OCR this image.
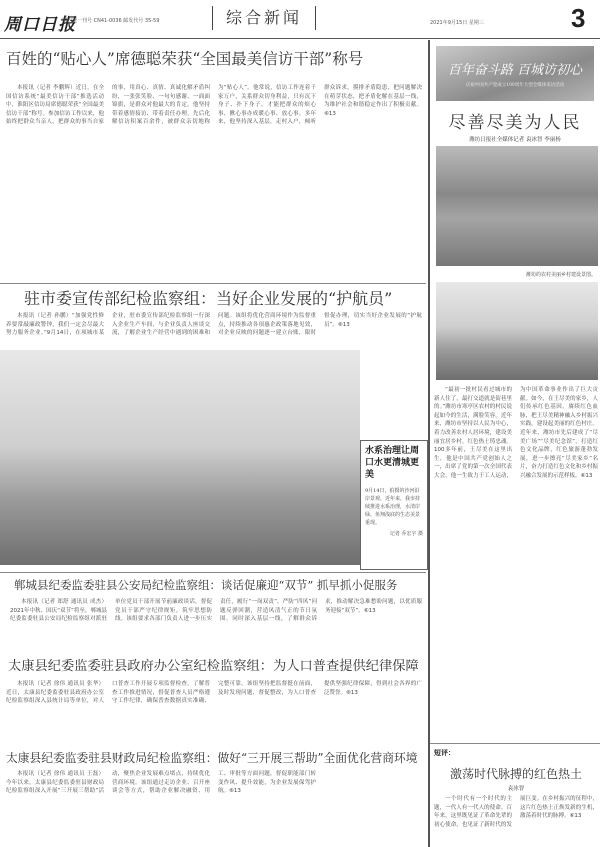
周口日报
国内统一刊号 CN41-0036 邮发代号 35-59	综合新闻	2021年9月15日 星期三	3
百姓的“贴心人”席德聪荣获“全国最美信访干部”称号
本报讯（记者 李鹏辉）近日，在全国信访系统“最美信访干部”推选活动中，淮阳区信访局席德聪荣获“全国最美信访干部”称号。参加信访工作以来，他始终把群众当亲人，把群众的事当自家的事，用真心、真情、真诚化解矛盾纠纷，一张张笑脸、一句句感谢、一面面锦旗，是群众对他最大的肯定。他坚持带着感情接访、带着责任办理，先后化解信访积案百余件，被群众亲切地称为“贴心人”。他常说，信访工作连着千家万户，关系群众切身利益，只有沉下身子、扑下身子，才能把群众的烦心事、揪心事办成暖心事、放心事。多年来，他坚持深入基层，走村入户，倾听群众诉求，摸排矛盾隐患，把问题解决在萌芽状态，把矛盾化解在基层一线，为维护社会和谐稳定作出了积极贡献。⑥13
驻市委宣传部纪检监察组：当好企业发展的“护航员”
本报讯（记者 孙鹏）“加强党性修养要常敲廉政警钟，我们一定会尽最大努力服务企业。”9月14日，在项城市某企业，驻市委宣传部纪检监察组一行深入企业生产车间，与企业负责人座谈交流，了解企业生产经营中遇到的困难和问题。该组将优化营商环境作为监督重点，持续推动各项惠企政策落地见效，对企业反映的问题逐一建立台账，限时督促办理，切实当好企业发展的“护航员”。⑥13
水系治理让周口水更清城更美
9月14日，拍摄的沙河沿岸景观。近年来，我市持续推进水系治理，水清岸绿、鱼翔浅底的生态美景重现。
记者 乔宏宇 摄
郸城县纪委监委驻县公安局纪检监察组：谈话促廉迎“双节” 抓早抓小促服务
本报讯（记者 郑舒 通讯员 成杰）2021年中秋、国庆“双节”将至，郸城县纪委监委驻县公安局纪检监察组对派驻单位党员干部开展节前廉政谈话，督促党员干部严守纪律规矩，筑牢思想防线。该组要求各部门负责人进一步压实责任，履行“一岗双责”，严防“四风”问题反弹回潮，营造风清气正的节日氛围。同时深入基层一线，了解群众诉求，推动解决急难愁盼问题，以优质服务迎接“双节”。⑥13
太康县纪委监委驻县政府办公室纪检监察组：为人口普查提供纪律保障
本报讯（记者 徐伟 通讯员 张华）近日，太康县纪委监委驻县政府办公室纪检监察组深入县统计局等单位，对人口普查工作开展专项监督检查，了解普查工作推进情况，督促普查人员严格遵守工作纪律，确保普查数据真实准确、完整可靠。该组坚持把监督挺在前面，及时发现问题、督促整改，为人口普查提供坚强纪律保障，得到社会各界的广泛赞誉。⑥13
太康县纪委监委驻县财政局纪检监察组：做好“三开展三帮助”全面优化营商环境
本报讯（记者 徐伟 通讯员 王磊）今年以来，太康县纪委监委驻县财政局纪检监察组深入开展“三开展三帮助”活动，聚焦企业发展难点堵点，持续优化营商环境。该组通过走访企业、召开座谈会等方式，帮助企业解决融资、用工、审批等方面问题，督促职能部门转变作风、提升效能，为企业发展保驾护航。⑥13
百年奋斗路 百城访初心
庆祝中国共产党成立100周年大型全媒体采访活动
尽善尽美为人民
潍坊日报社全媒体记者 袁冰智 李丽杨
潍坊的农村美丽乡村建设景图。
“最初一批村民看过城市的新人住了，最打交道就是街巷里的。”潍坊市寒亭区农村的村民说起如今的生活，满脸笑容。近年来，潍坊市坚持以人民为中心，着力改善农村人居环境，建设美丽宜居乡村。红色热土铸忠魂。100多年前，王尽美在这里出生，他是中国共产党创始人之一，出席了党的第一次全国代表大会。他一生致力于工人运动，为中国革命事业作出了巨大贡献。如今，在王尽美的家乡，人们传承红色基因，赓续红色血脉，把王尽美精神融入乡村振兴实践，建设起美丽的红色村庄。近年来，潍坊市先后建成了“尽美广场”“尽美纪念馆”，打造红色文化品牌，红色旅游蓬勃发展，进一步擦亮“尽美家乡”名片，奋力打造红色文化和乡村振兴融合发展的示范样板。⑥13
短评：
激荡时代脉搏的红色热土
袁冰智
一个时代有一个时代的主题，一代人有一代人的使命。百年来，这里既见证了革命先辈的初心使命，也见证了新时代的发展巨变。在乡村振兴的征程中，这片红色热土正焕发新的生机，激荡着时代的脉搏。⑥13
